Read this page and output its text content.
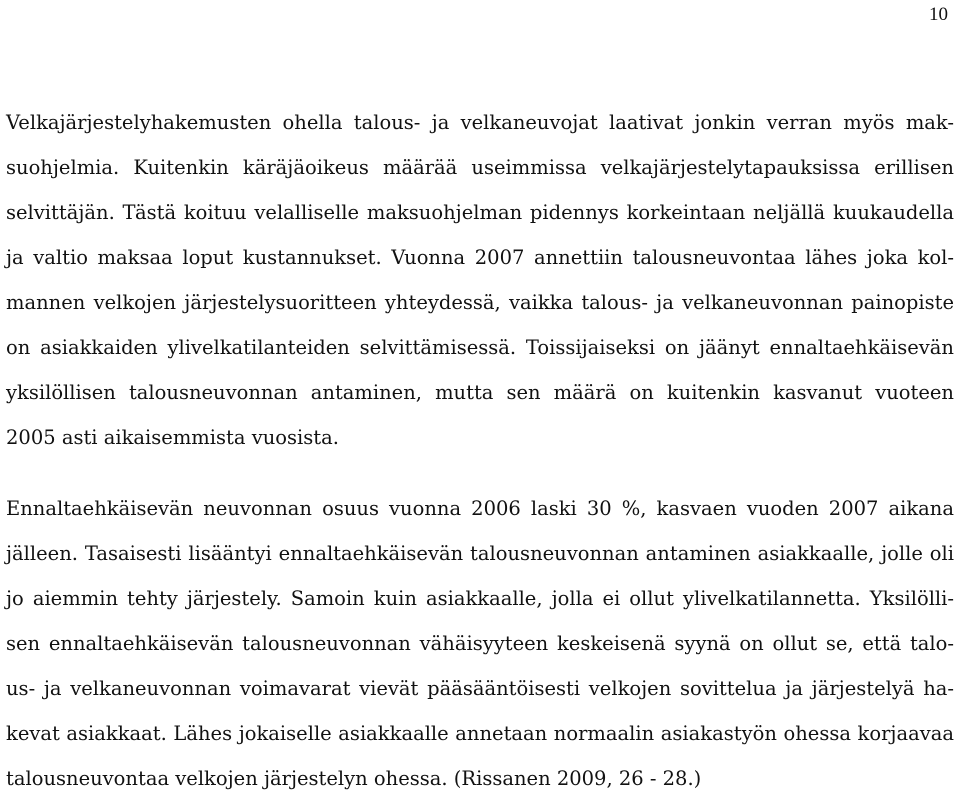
10
Velkajärjestelyhakemusten ohella talous- ja velkaneuvojat laativat jonkin verran myös mak-
suohjelmia. Kuitenkin käräjäoikeus määrää useimmissa velkajärjestelytapauksissa erillisen
selvittäjän. Tästä koituu velalliselle maksuohjelman pidennys korkeintaan neljällä kuukaudella
ja valtio maksaa loput kustannukset. Vuonna 2007 annettiin talousneuvontaa lähes joka kol-
mannen velkojen järjestelysuoritteen yhteydessä, vaikka talous- ja velkaneuvonnan painopiste
on asiakkaiden ylivelkatilanteiden selvittämisessä. Toissijaiseksi on jäänyt ennaltaehkäisevän
yksilöllisen talousneuvonnan antaminen, mutta sen määrä on kuitenkin kasvanut vuoteen
2005 asti aikaisemmista vuosista.
Ennaltaehkäisevän neuvonnan osuus vuonna 2006 laski 30 %, kasvaen vuoden 2007 aikana
jälleen. Tasaisesti lisääntyi ennaltaehkäisevän talousneuvonnan antaminen asiakkaalle, jolle oli
jo aiemmin tehty järjestely. Samoin kuin asiakkaalle, jolla ei ollut ylivelkatilannetta. Yksilölli-
sen ennaltaehkäisevän talousneuvonnan vähäisyyteen keskeisenä syynä on ollut se, että talo-
us- ja velkaneuvonnan voimavarat vievät pääsääntöisesti velkojen sovittelua ja järjestelyä ha-
kevat asiakkaat. Lähes jokaiselle asiakkaalle annetaan normaalin asiakastyön ohessa korjaavaa
talousneuvontaa velkojen järjestelyn ohessa. (Rissanen 2009, 26 - 28.)
